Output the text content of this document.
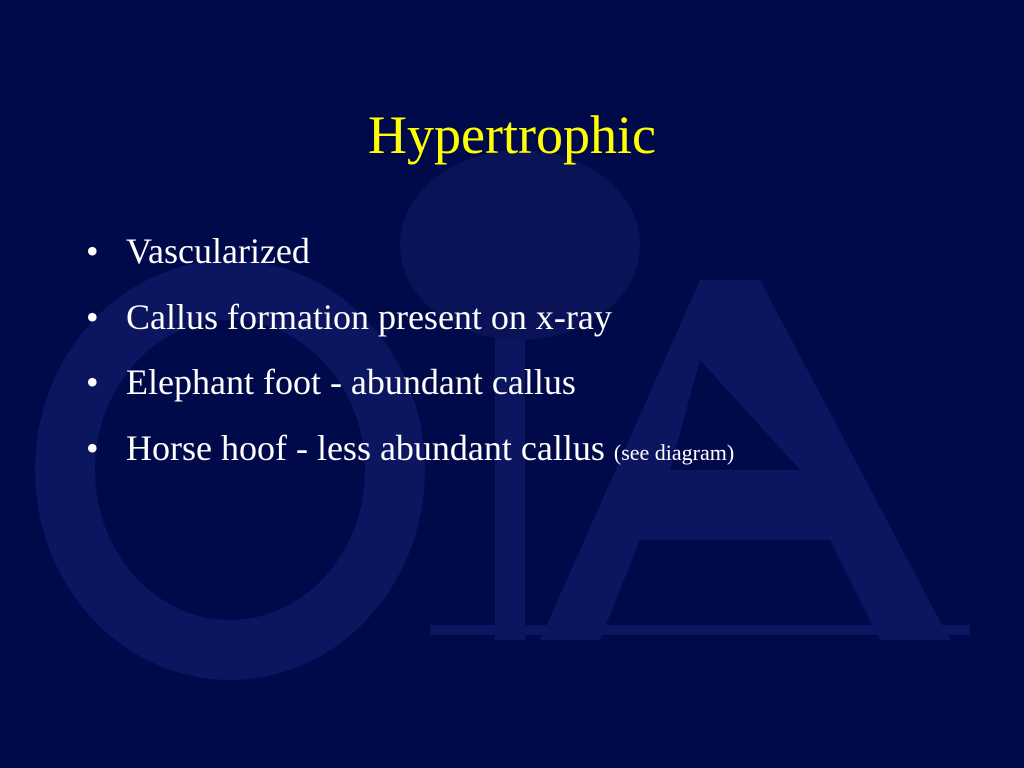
Hypertrophic
• Vascularized
• Callus formation present on x-ray
• Elephant foot - abundant callus
• Horse hoof - less abundant callus (see diagram)
